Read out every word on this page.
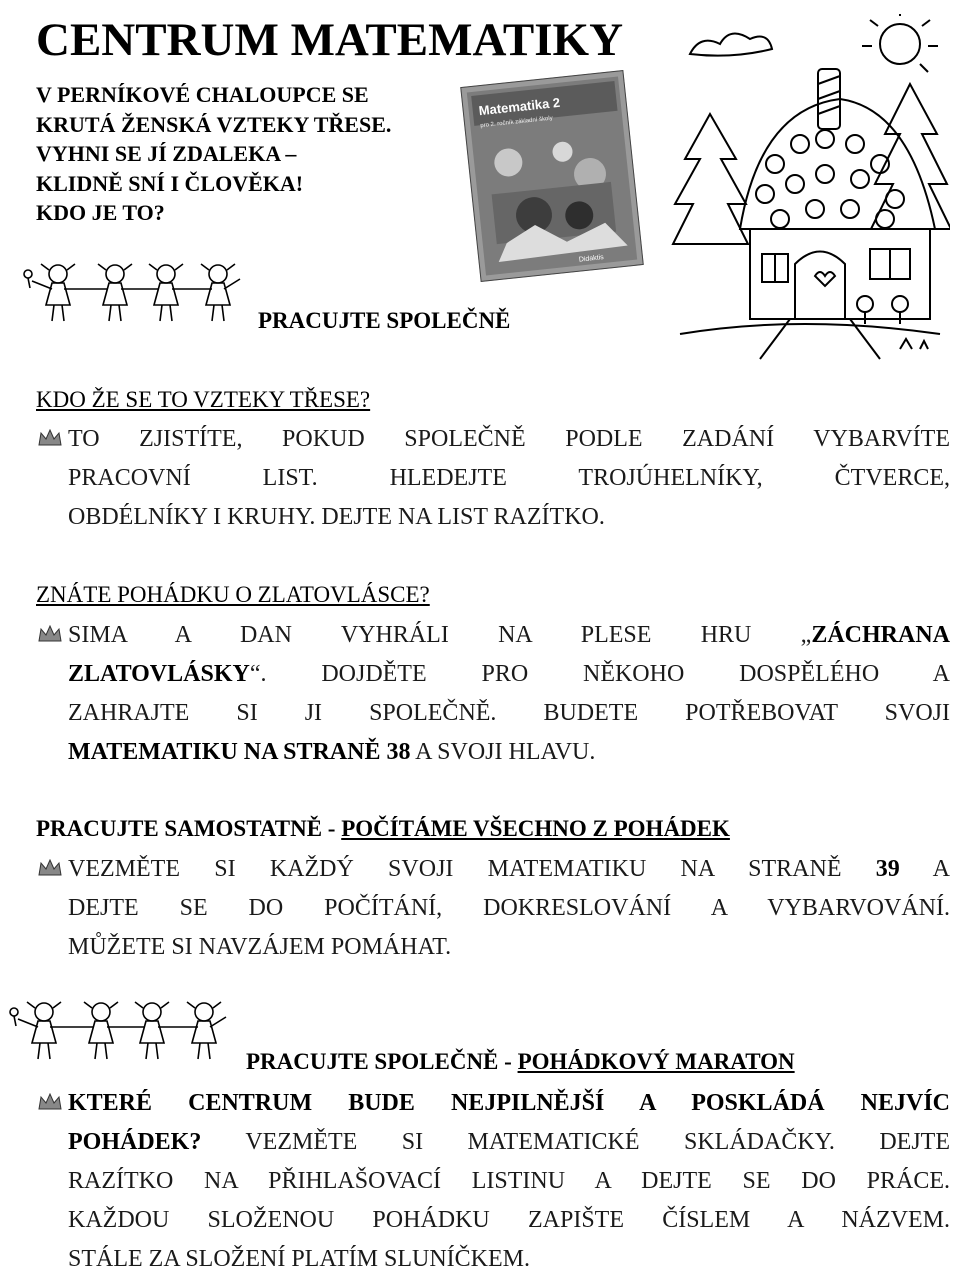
CENTRUM MATEMATIKY
V PERNÍKOVÉ CHALOUPCE SE
KRUTÁ ŽENSKÁ VZTEKY TŘESE.
VYHNI SE JÍ ZDALEKA –
KLIDNĚ SNÍ I ČLOVĚKA!
KDO JE TO?
Matematika 2
pro 2. ročník základní školy
Didaktis
PRACUJTE SPOLEČNĚ
KDO ŽE SE TO VZTEKY TŘESE?
TO ZJISTÍTE, POKUD SPOLEČNĚ PODLE ZADÁNÍ VYBARVÍTE
PRACOVNÍ LIST. HLEDEJTE TROJÚHELNÍKY, ČTVERCE,
OBDÉLNÍKY I KRUHY. DEJTE NA LIST RAZÍTKO.
ZNÁTE POHÁDKU O ZLATOVLÁSCE?
SIMA A DAN VYHRÁLI NA PLESE HRU „ZÁCHRANA
ZLATOVLÁSKY“. DOJDĚTE PRO NĚKOHO DOSPĚLÉHO A
ZAHRAJTE SI JI SPOLEČNĚ. BUDETE POTŘEBOVAT SVOJI
MATEMATIKU NA STRANĚ 38 A SVOJI HLAVU.
PRACUJTE SAMOSTATNĚ - POČÍTÁME VŠECHNO Z POHÁDEK
VEZMĚTE SI KAŽDÝ SVOJI MATEMATIKU NA STRANĚ 39 A
DEJTE SE DO POČÍTÁNÍ, DOKRESLOVÁNÍ A VYBARVOVÁNÍ.
MŮŽETE SI NAVZÁJEM POMÁHAT.
PRACUJTE SPOLEČNĚ - POHÁDKOVÝ MARATON
KTERÉ CENTRUM BUDE NEJPILNĚJŠÍ A POSKLÁDÁ NEJVÍC
POHÁDEK? VEZMĚTE SI MATEMATICKÉ SKLÁDAČKY. DEJTE
RAZÍTKO NA PŘIHLAŠOVACÍ LISTINU A DEJTE SE DO PRÁCE.
KAŽDOU SLOŽENOU POHÁDKU ZAPIŠTE ČÍSLEM A NÁZVEM.
STÁLE ZA SLOŽENÍ PLATÍM SLUNÍČKEM.
